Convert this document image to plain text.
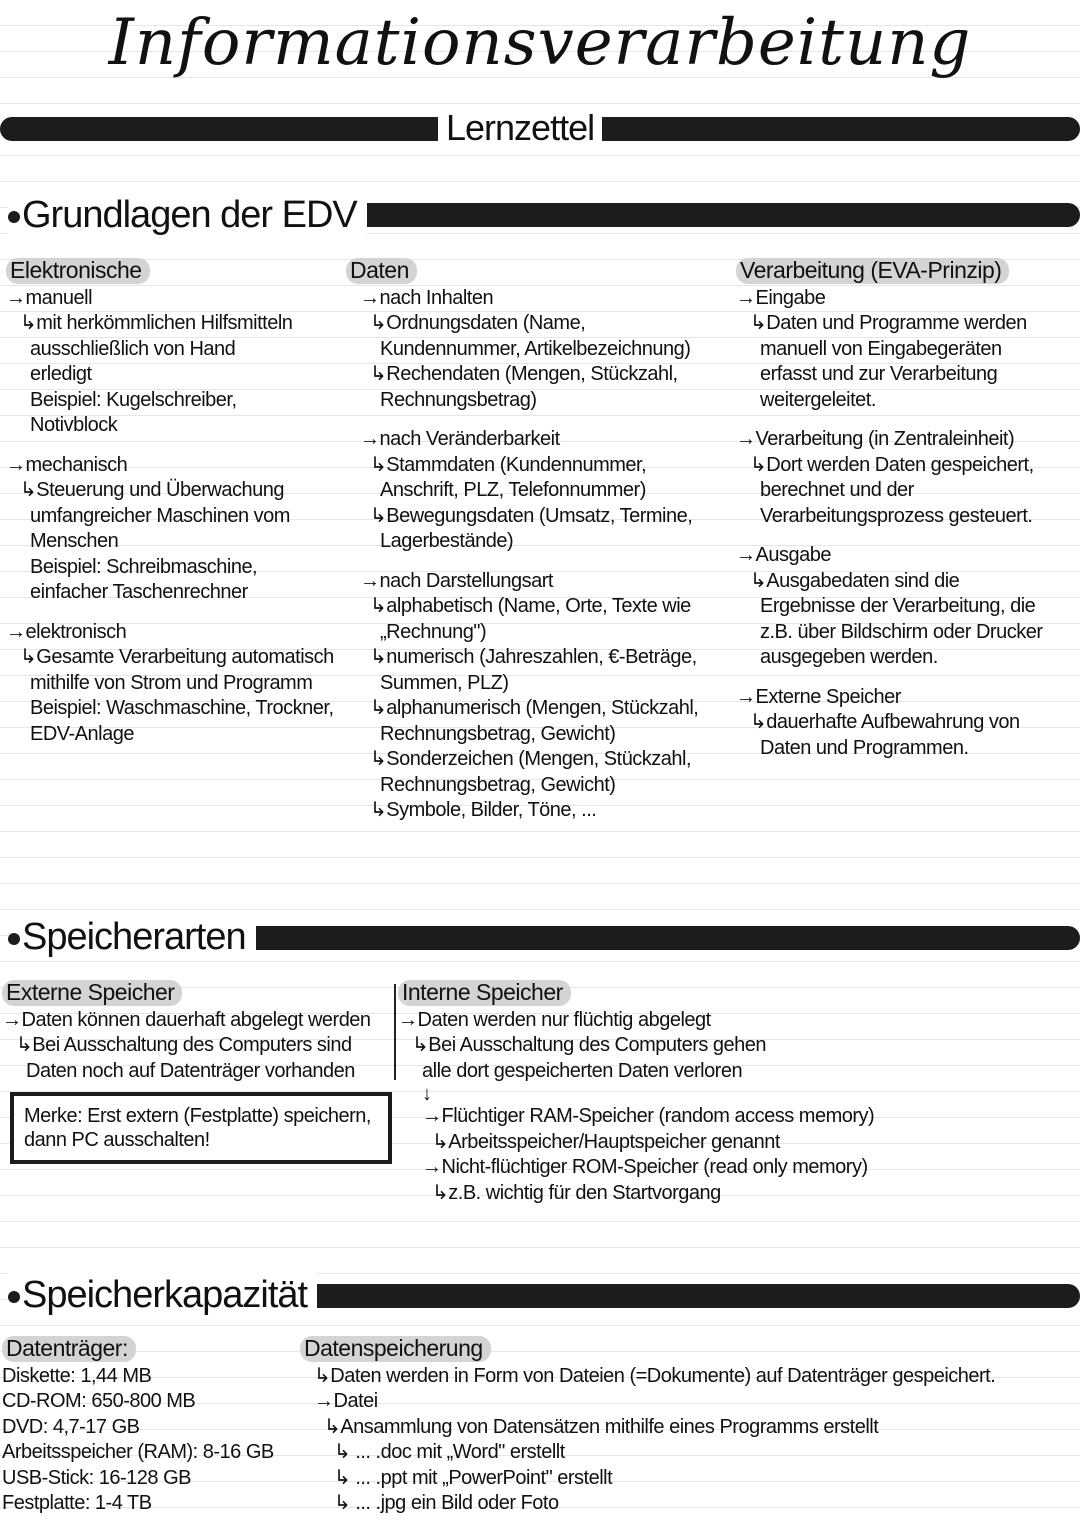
Informationsverarbeitung
Lernzettel
Grundlagen der EDV
Elektronische
→manuell
↳mit herkömmlichen Hilfsmitteln
ausschließlich von Hand
erledigt
Beispiel: Kugelschreiber,
Notivblock
→mechanisch
↳Steuerung und Überwachung
umfangreicher Maschinen vom
Menschen
Beispiel: Schreibmaschine,
einfacher Taschenrechner
→elektronisch
↳Gesamte Verarbeitung automatisch
mithilfe von Strom und Programm
Beispiel: Waschmaschine, Trockner,
EDV-Anlage
Daten
→nach Inhalten
↳Ordnungsdaten (Name,
Kundennummer, Artikelbezeichnung)
↳Rechendaten (Mengen, Stückzahl,
Rechnungsbetrag)
→nach Veränderbarkeit
↳Stammdaten (Kundennummer,
Anschrift, PLZ, Telefonnummer)
↳Bewegungsdaten (Umsatz, Termine,
Lagerbestände)
→nach Darstellungsart
↳alphabetisch (Name, Orte, Texte wie
„Rechnung")
↳numerisch (Jahreszahlen, €-Beträge,
Summen, PLZ)
↳alphanumerisch (Mengen, Stückzahl,
Rechnungsbetrag, Gewicht)
↳Sonderzeichen (Mengen, Stückzahl,
Rechnungsbetrag, Gewicht)
↳Symbole, Bilder, Töne, ...
Verarbeitung (EVA-Prinzip)
→Eingabe
↳Daten und Programme werden
manuell von Eingabegeräten
erfasst und zur Verarbeitung
weitergeleitet.
→Verarbeitung (in Zentraleinheit)
↳Dort werden Daten gespeichert,
berechnet und der
Verarbeitungsprozess gesteuert.
→Ausgabe
↳Ausgabedaten sind die
Ergebnisse der Verarbeitung, die
z.B. über Bildschirm oder Drucker
ausgegeben werden.
→Externe Speicher
↳dauerhafte Aufbewahrung von
Daten und Programmen.
Speicherarten
Externe Speicher
→Daten können dauerhaft abgelegt werden
↳Bei Ausschaltung des Computers sind
Daten noch auf Datenträger vorhanden
Merke: Erst extern (Festplatte) speichern,
dann PC ausschalten!
Interne Speicher
→Daten werden nur flüchtig abgelegt
↳Bei Ausschaltung des Computers gehen
alle dort gespeicherten Daten verloren
↓
→Flüchtiger RAM-Speicher (random access memory)
↳Arbeitsspeicher/Hauptspeicher genannt
→Nicht-flüchtiger ROM-Speicher (read only memory)
↳z.B. wichtig für den Startvorgang
Speicherkapazität
Datenträger:
Diskette: 1,44 MB
CD-ROM: 650-800 MB
DVD: 4,7-17 GB
Arbeitsspeicher (RAM): 8-16 GB
USB-Stick: 16-128 GB
Festplatte: 1-4 TB
Datenspeicherung
↳Daten werden in Form von Dateien (=Dokumente) auf Datenträger gespeichert.
→Datei
↳Ansammlung von Datensätzen mithilfe eines Programms erstellt
↳ ... .doc mit „Word" erstellt
↳ ... .ppt mit „PowerPoint" erstellt
↳ ... .jpg ein Bild oder Foto
